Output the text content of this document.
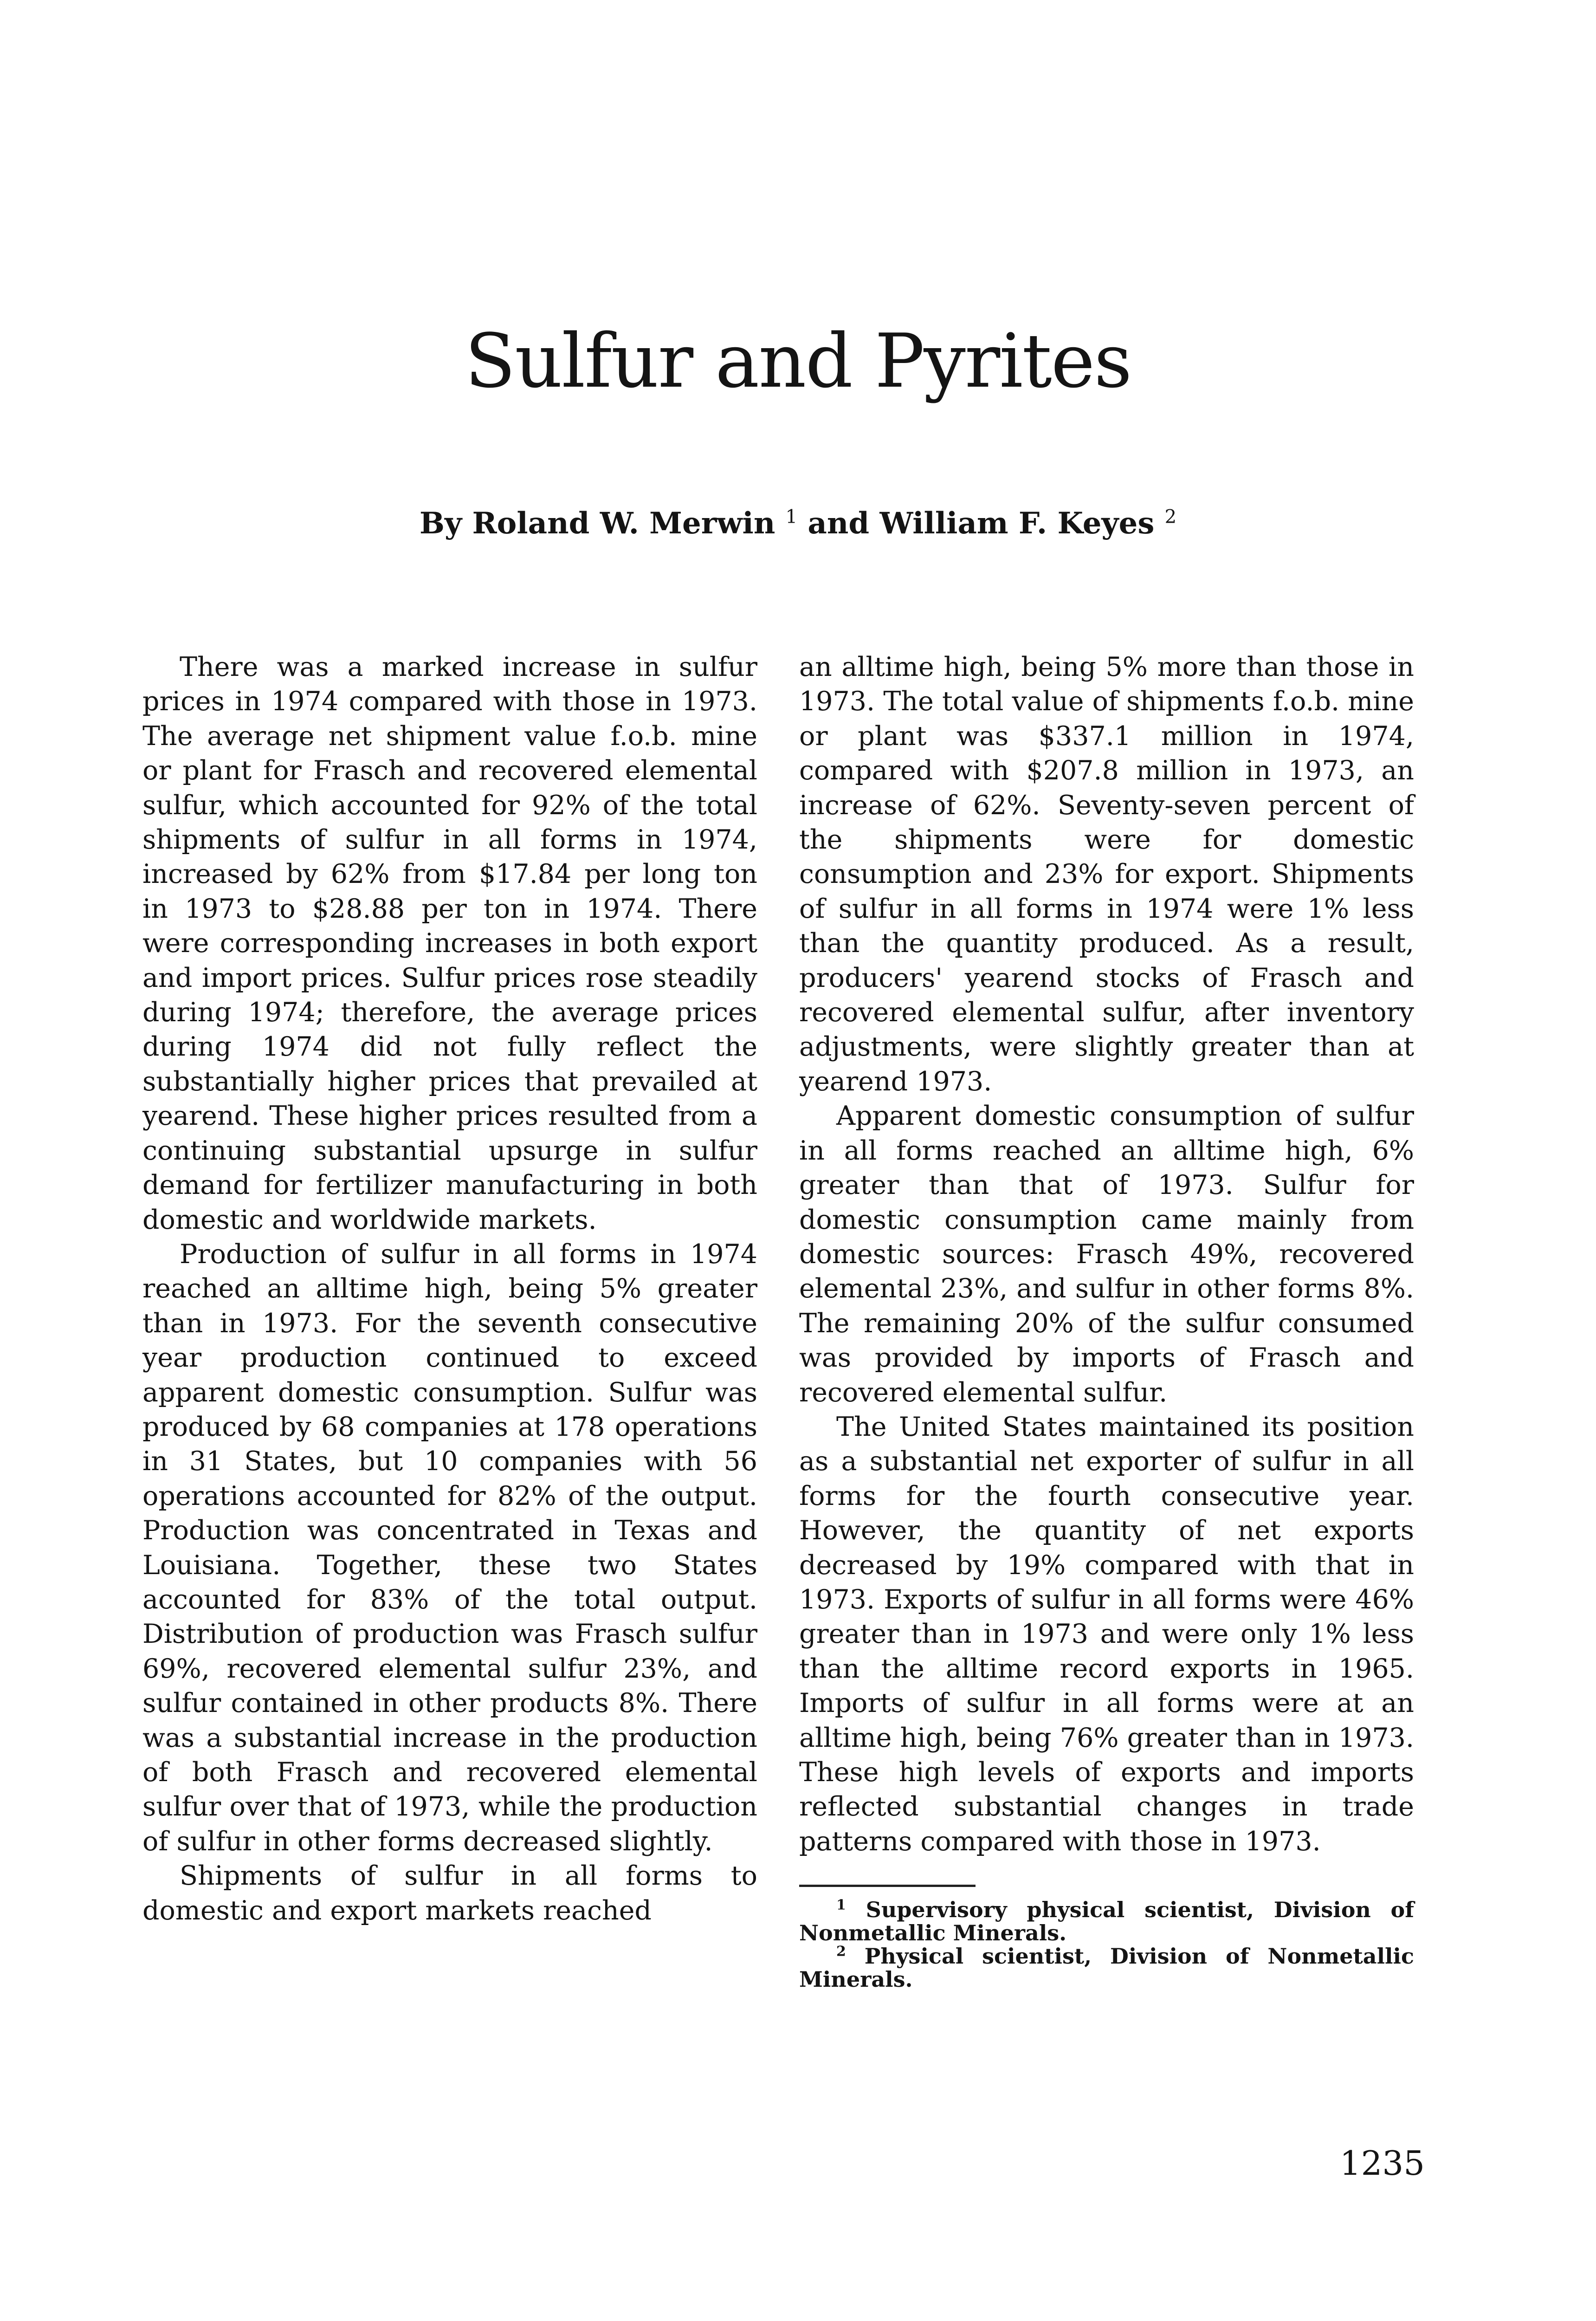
Sulfur and Pyrites
By Roland W. Merwin $^1$ and William F. Keyes $^2$

There was a marked increase in sulfur prices in 1974 compared with those in 1973. The average net shipment value f.o.b. mine or plant for Frasch and recovered elemental sulfur, which accounted for 92% of the total shipments of sulfur in all forms in 1974, increased by 62% from $17.84 per long ton in 1973 to $28.88 per ton in 1974. There were corresponding increases in both export and import prices. Sulfur prices rose steadily during 1974; therefore, the average prices during 1974 did not fully reflect the substantially higher prices that prevailed at yearend. These higher prices resulted from a continuing substantial upsurge in sulfur demand for fertilizer manufacturing in both domestic and worldwide markets.

Production of sulfur in all forms in 1974 reached an alltime high, being 5% greater than in 1973. For the seventh consecutive year production continued to exceed apparent domestic consumption. Sulfur was produced by 68 companies at 178 operations in 31 States, but 10 companies with 56 operations accounted for 82% of the output. Production was concentrated in Texas and Louisiana. Together, these two States accounted for 83% of the total output. Distribution of production was Frasch sulfur 69%, recovered elemental sulfur 23%, and sulfur contained in other products 8%. There was a substantial increase in the production of both Frasch and recovered elemental sulfur over that of 1973, while the production of sulfur in other forms decreased slightly.

Shipments of sulfur in all forms to domestic and export markets reached

an alltime high, being 5% more than those in 1973. The total value of shipments f.o.b. mine or plant was $337.1 million in 1974, compared with $207.8 million in 1973, an increase of 62%. Seventy-seven percent of the shipments were for domestic consumption and 23% for export. Shipments of sulfur in all forms in 1974 were 1% less than the quantity produced. As a result, producers' yearend stocks of Frasch and recovered elemental sulfur, after inventory adjustments, were slightly greater than at yearend 1973.

Apparent domestic consumption of sulfur in all forms reached an alltime high, 6% greater than that of 1973. Sulfur for domestic consumption came mainly from domestic sources: Frasch 49%, recovered elemental 23%, and sulfur in other forms 8%. The remaining 20% of the sulfur consumed was provided by imports of Frasch and recovered elemental sulfur.

The United States maintained its position as a substantial net exporter of sulfur in all forms for the fourth consecutive year. However, the quantity of net exports decreased by 19% compared with that in 1973. Exports of sulfur in all forms were 46% greater than in 1973 and were only 1% less than the alltime record exports in 1965. Imports of sulfur in all forms were at an alltime high, being 76% greater than in 1973. These high levels of exports and imports reflected substantial changes in trade patterns compared with those in 1973.

$^1$ Supervisory physical scientist, Division of Nonmetallic Minerals.

$^2$ Physical scientist, Division of Nonmetallic Minerals.

1235
